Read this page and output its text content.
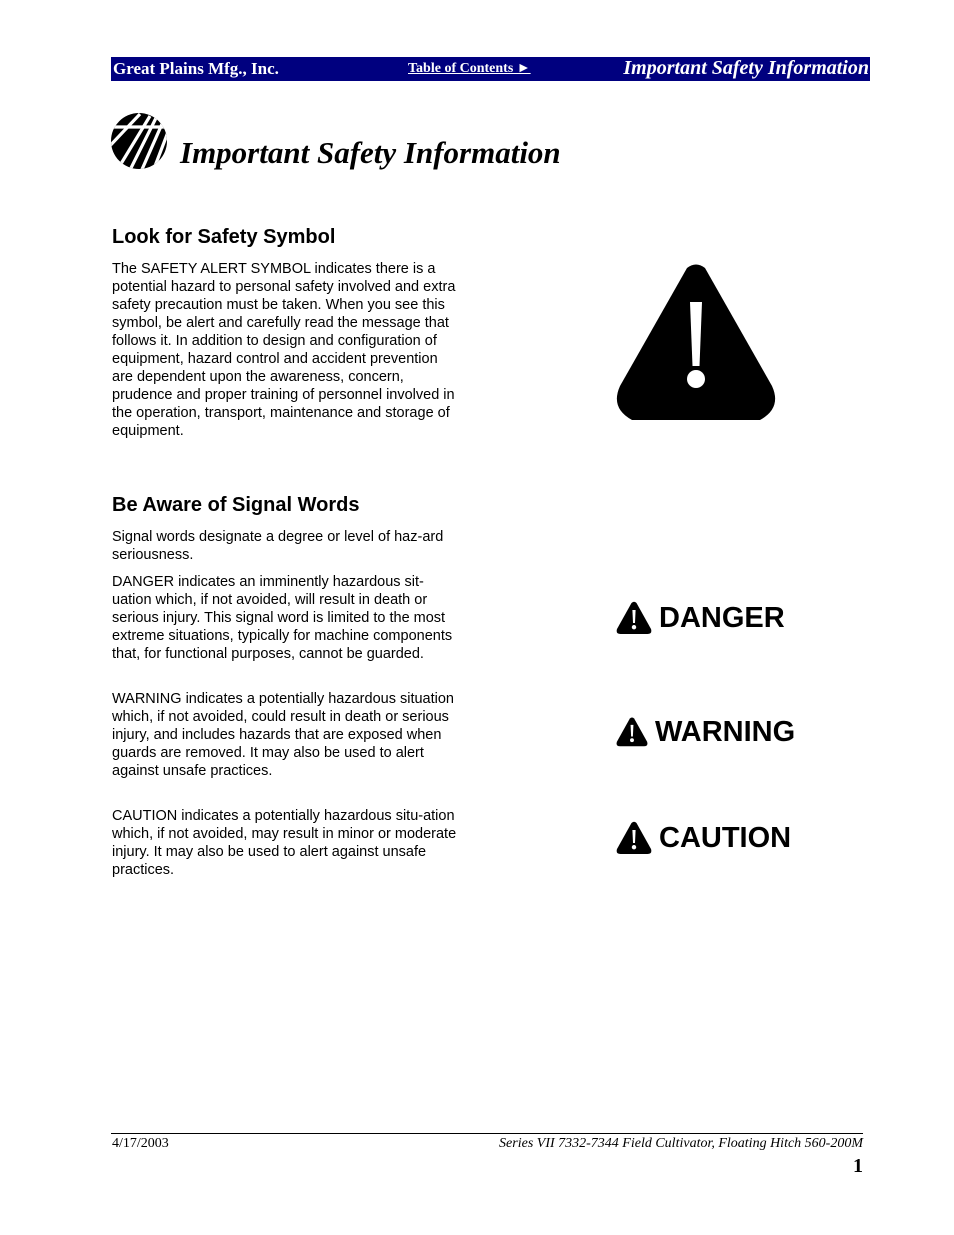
Great Plains Mfg., Inc.	Table of Contents ►	Important Safety Information
Important Safety Information
Look for Safety Symbol

The SAFETY ALERT SYMBOL indicates there is a potential hazard to personal safety involved and extra safety precaution must be taken. When you see this symbol, be alert and carefully read the message that follows it. In addition to design and configuration of equipment, hazard control and accident prevention are dependent upon the awareness, concern, prudence and proper training of personnel involved in the operation, transport, maintenance and storage of equipment.

Be Aware of Signal Words

Signal words designate a degree or level of haz-ard seriousness.

DANGER indicates an imminently hazardous sit-uation which, if not avoided, will result in death or serious injury. This signal word is limited to the most extreme situations, typically for machine components that, for functional purposes, cannot be guarded.

WARNING indicates a potentially hazardous situation which, if not avoided, could result in death or serious injury, and includes hazards that are exposed when guards are removed. It may also be used to alert against unsafe practices.

CAUTION indicates a potentially hazardous situ-ation which, if not avoided, may result in minor or moderate injury. It may also be used to alert against unsafe practices.

DANGER
WARNING
CAUTION
4/17/2003	Series VII 7332-7344 Field Cultivator, Floating Hitch 560-200M
1
